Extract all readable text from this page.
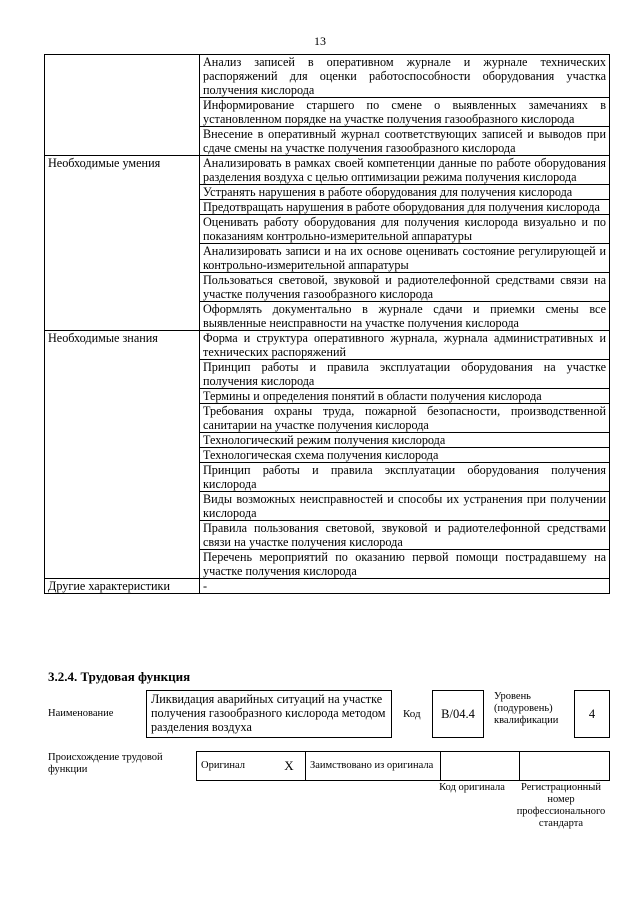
13
	Анализ записей в оперативном журнале и журнале технических распоряжений для оценки работоспособности оборудования участка получения кислорода
	Информирование старшего по смене о выявленных замечаниях в установленном порядке на участке получения газообразного кислорода
	Внесение в оперативный журнал соответствующих записей и выводов при сдаче смены на участке получения газообразного кислорода
Необходимые умения	Анализировать в рамках своей компетенции данные по работе оборудования разделения воздуха с целью оптимизации режима получения кислорода
	Устранять нарушения в работе оборудования для получения кислорода
	Предотвращать нарушения в работе оборудования для получения кислорода
	Оценивать работу оборудования для получения кислорода визуально и по показаниям контрольно-измерительной аппаратуры
	Анализировать записи и на их основе оценивать состояние регулирующей и контрольно-измерительной аппаратуры
	Пользоваться световой, звуковой и радиотелефонной средствами связи на участке получения газообразного кислорода
	Оформлять документально в журнале сдачи и приемки смены все выявленные неисправности на участке получения кислорода
Необходимые знания	Форма и структура оперативного журнала, журнала административных и технических распоряжений
	Принцип работы и правила эксплуатации оборудования на участке получения кислорода
	Термины и определения понятий в области получения кислорода
	Требования охраны труда, пожарной безопасности, производственной санитарии на участке получения кислорода
	Технологический режим получения кислорода
	Технологическая схема получения кислорода
	Принцип работы и правила эксплуатации оборудования получения кислорода
	Виды возможных неисправностей и способы их устранения при получении кислорода
	Правила пользования световой, звуковой и радиотелефонной средствами связи на участке получения кислорода
	Перечень мероприятий по оказанию первой помощи пострадавшему на участке получения кислорода
Другие характеристики	-
3.2.4. Трудовая функция
Наименование
Ликвидация аварийных ситуаций на участке получения газообразного кислорода методом разделения воздуха
Код	B/04.4
Уровень (подуровень) квалификации	4
Происхождение трудовой функции	Оригинал	X	Заимствовано из оригинала		
Код оригинала	Регистрационный номер профессионального стандарта
